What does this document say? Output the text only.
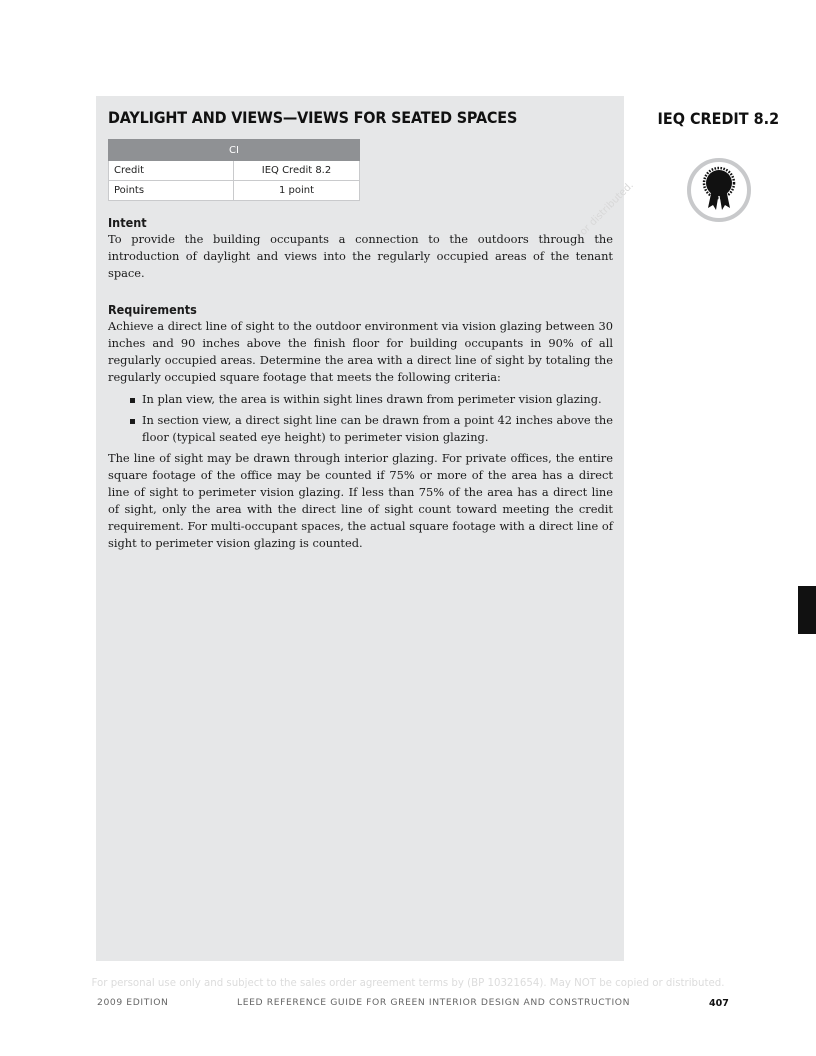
DAYLIGHT AND VIEWS—VIEWS FOR SEATED SPACES	IEQ CREDIT 8.2
CI	
Credit	IEQ Credit 8.2
Points	1 point	or distributed.
Intent

To provide the building occupants a connection to the outdoors through the introduction of daylight and views into the regularly occupied areas of the tenant space.

Requirements

Achieve a direct line of sight to the outdoor environment via vision glazing between 30 inches and 90 inches above the finish floor for building occupants in 90% of all regularly occupied areas. Determine the area with a direct line of sight by totaling the regularly occupied square footage that meets the following criteria:

In plan view, the area is within sight lines drawn from perimeter vision glazing.
In section view, a direct sight line can be drawn from a point 42 inches above the floor (typical seated eye height) to perimeter vision glazing.

The line of sight may be drawn through interior glazing. For private offices, the entire square footage of the office may be counted if 75% or more of the area has a direct line of sight to perimeter vision glazing. If less than 75% of the area has a direct line of sight, only the area with the direct line of sight count toward meeting the credit requirement. For multi-occupant spaces, the actual square footage with a direct line of sight to perimeter vision glazing is counted.

For personal use only and subject to the sales order agreement terms by (BP 10321654). May NOT be copied or distributed.
2009 EDITION	LEED REFERENCE GUIDE FOR GREEN INTERIOR DESIGN AND CONSTRUCTION	407
